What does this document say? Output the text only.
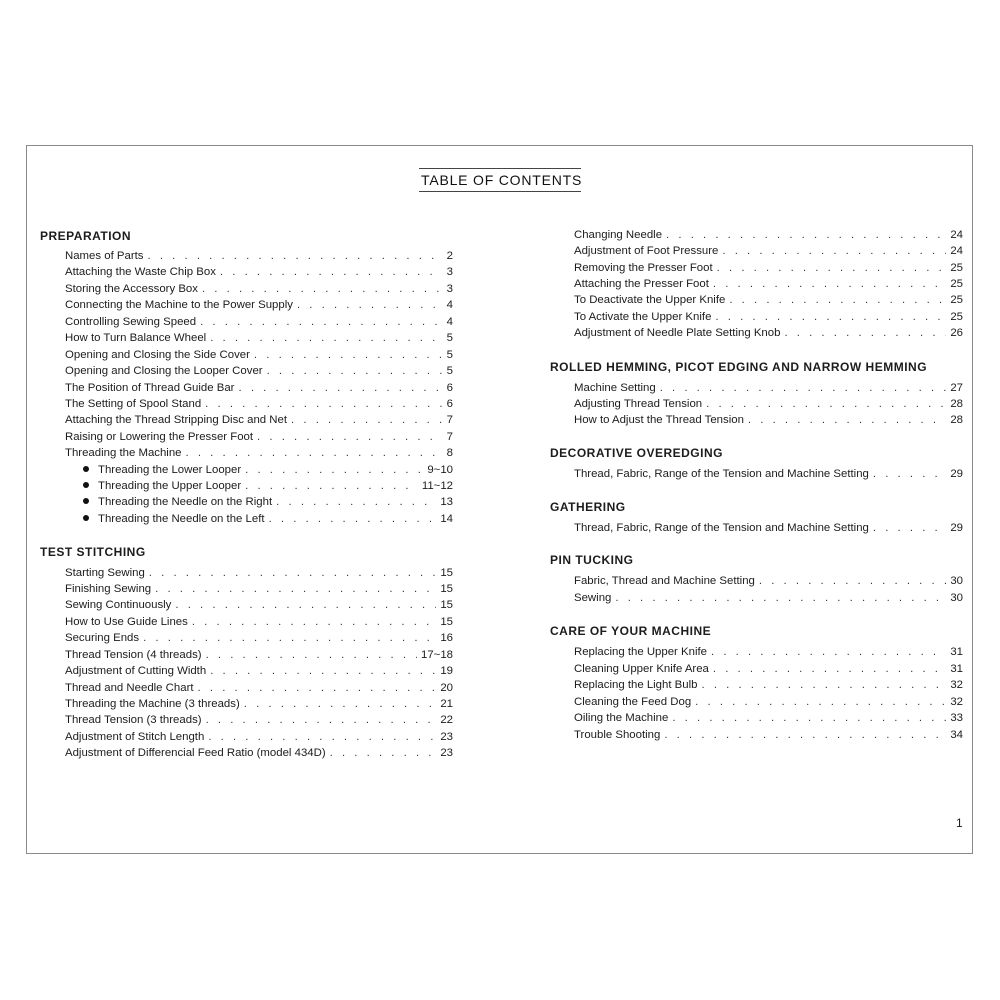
TABLE OF CONTENTS
PREPARATION
Names of Parts . . .	2
Attaching the Waste Chip Box . . .	3
Storing the Accessory Box . . .	3
Connecting the Machine to the Power Supply . . .	4
Controlling Sewing Speed . . .	4
How to Turn Balance Wheel . . .	5
Opening and Closing the Side Cover . . .	5
Opening and Closing the Looper Cover . . .	5
The Position of Thread Guide Bar . . .	6
The Setting of Spool Stand . . .	6
Attaching the Thread Stripping Disc and Net . . .	7
Raising or Lowering the Presser Foot . . .	7
Threading the Machine . . .	8
Threading the Lower Looper . . .	9~10
Threading the Upper Looper . . .	11~12
Threading the Needle on the Right . . .	13
Threading the Needle on the Left . . .	14
TEST STITCHING
Starting Sewing . . .	15
Finishing Sewing . . .	15
Sewing Continuously . . .	15
How to Use Guide Lines . . .	15
Securing Ends . . .	16
Thread Tension (4 threads) . . .	17~18
Adjustment of Cutting Width . . .	19
Thread and Needle Chart . . .	20
Threading the Machine (3 threads) . . .	21
Thread Tension (3 threads) . . .	22
Adjustment of Stitch Length . . .	23
Adjustment of Differencial Feed Ratio (model 434D) . . .	23
Changing Needle . . .	24
Adjustment of Foot Pressure . . .	24
Removing the Presser Foot . . .	25
Attaching the Presser Foot . . .	25
To Deactivate the Upper Knife . . .	25
To Activate the Upper Knife . . .	25
Adjustment of Needle Plate Setting Knob . . .	26
ROLLED HEMMING, PICOT EDGING AND NARROW HEMMING
Machine Setting . . .	27
Adjusting Thread Tension . . .	28
How to Adjust the Thread Tension . . .	28
DECORATIVE OVEREDGING
Thread, Fabric, Range of the Tension and Machine Setting . . .	29
GATHERING
Thread, Fabric, Range of the Tension and Machine Setting . . .	29
PIN TUCKING
Fabric, Thread and Machine Setting . . .	30
Sewing . . .	30
CARE OF YOUR MACHINE
Replacing the Upper Knife . . .	31
Cleaning Upper Knife Area . . .	31
Replacing the Light Bulb . . .	32
Cleaning the Feed Dog . . .	32
Oiling the Machine . . .	33
Trouble Shooting . . .	34
1
